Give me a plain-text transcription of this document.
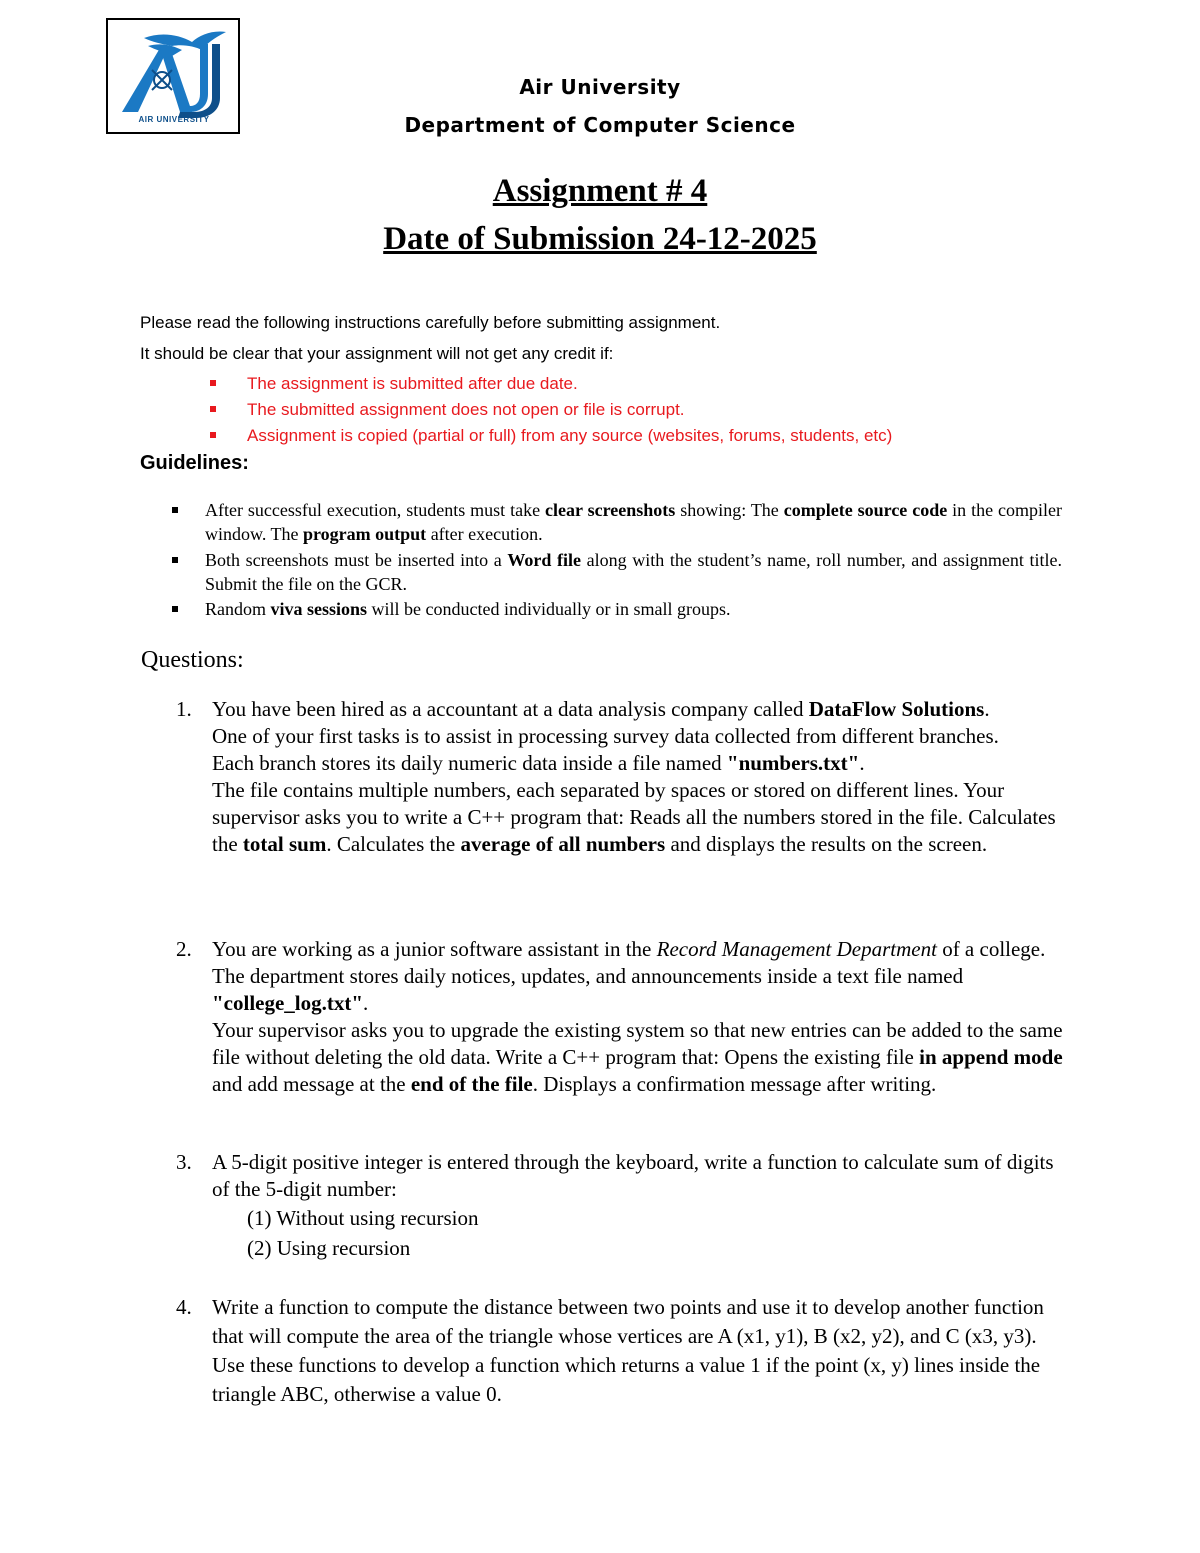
AIR UNIVERSITY
Air University
Department of Computer Science
Assignment # 4
Date of Submission 24-12-2025
Please read the following instructions carefully before submitting assignment.
It should be clear that your assignment will not get any credit if:
The assignment is submitted after due date.
The submitted assignment does not open or file is corrupt.
Assignment is copied (partial or full) from any source (websites, forums, students, etc)
Guidelines:
After successful execution, students must take clear screenshots showing: The complete source code in the compiler window. The program output after execution.
Both screenshots must be inserted into a Word file along with the student’s name, roll number, and assignment title. Submit the file on the GCR.
Random viva sessions will be conducted individually or in small groups.
Questions:
1. You have been hired as a accountant at a data analysis company called DataFlow Solutions.
One of your first tasks is to assist in processing survey data collected from different branches. Each branch stores its daily numeric data inside a file named "numbers.txt".
The file contains multiple numbers, each separated by spaces or stored on different lines. Your supervisor asks you to write a C++ program that: Reads all the numbers stored in the file. Calculates the total sum. Calculates the average of all numbers and displays the results on the screen.
2. You are working as a junior software assistant in the Record Management Department of a college. The department stores daily notices, updates, and announcements inside a text file named "college_log.txt".
Your supervisor asks you to upgrade the existing system so that new entries can be added to the same file without deleting the old data. Write a C++ program that: Opens the existing file in append mode and add message at the end of the file. Displays a confirmation message after writing.
3. A 5-digit positive integer is entered through the keyboard, write a function to calculate sum of digits of the 5-digit number:
(1) Without using recursion
(2) Using recursion
4. Write a function to compute the distance between two points and use it to develop another function that will compute the area of the triangle whose vertices are A (x1, y1), B (x2, y2), and C (x3, y3). Use these functions to develop a function which returns a value 1 if the point (x, y) lines inside the triangle ABC, otherwise a value 0.
